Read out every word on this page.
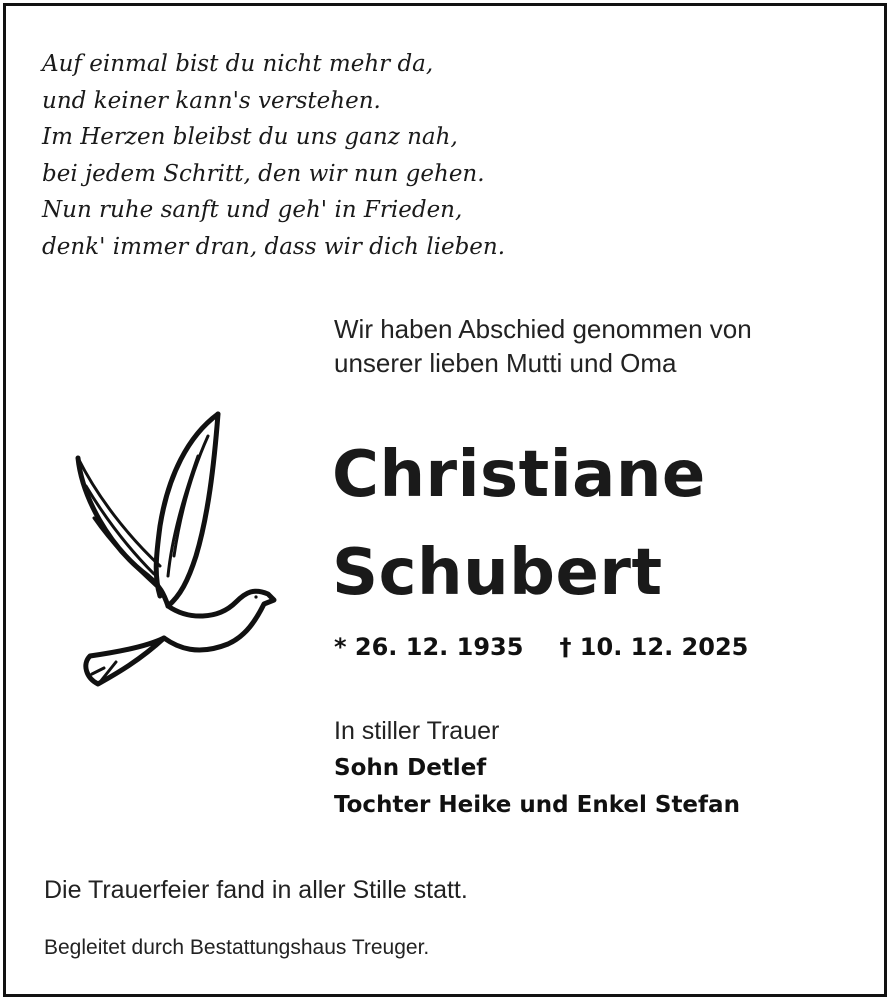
Auf einmal bist du nicht mehr da,
und keiner kann's verstehen.
Im Herzen bleibst du uns ganz nah,
bei jedem Schritt, den wir nun gehen.
Nun ruhe sanft und geh' in Frieden,
denk' immer dran, dass wir dich lieben.
Wir haben Abschied genommen von
unserer lieben Mutti und Oma
Christiane
Schubert
* 26. 12. 1935 † 10. 12. 2025
In stiller Trauer
Sohn Detlef
Tochter Heike und Enkel Stefan
Die Trauerfeier fand in aller Stille statt.
Begleitet durch Bestattungshaus Treuger.
